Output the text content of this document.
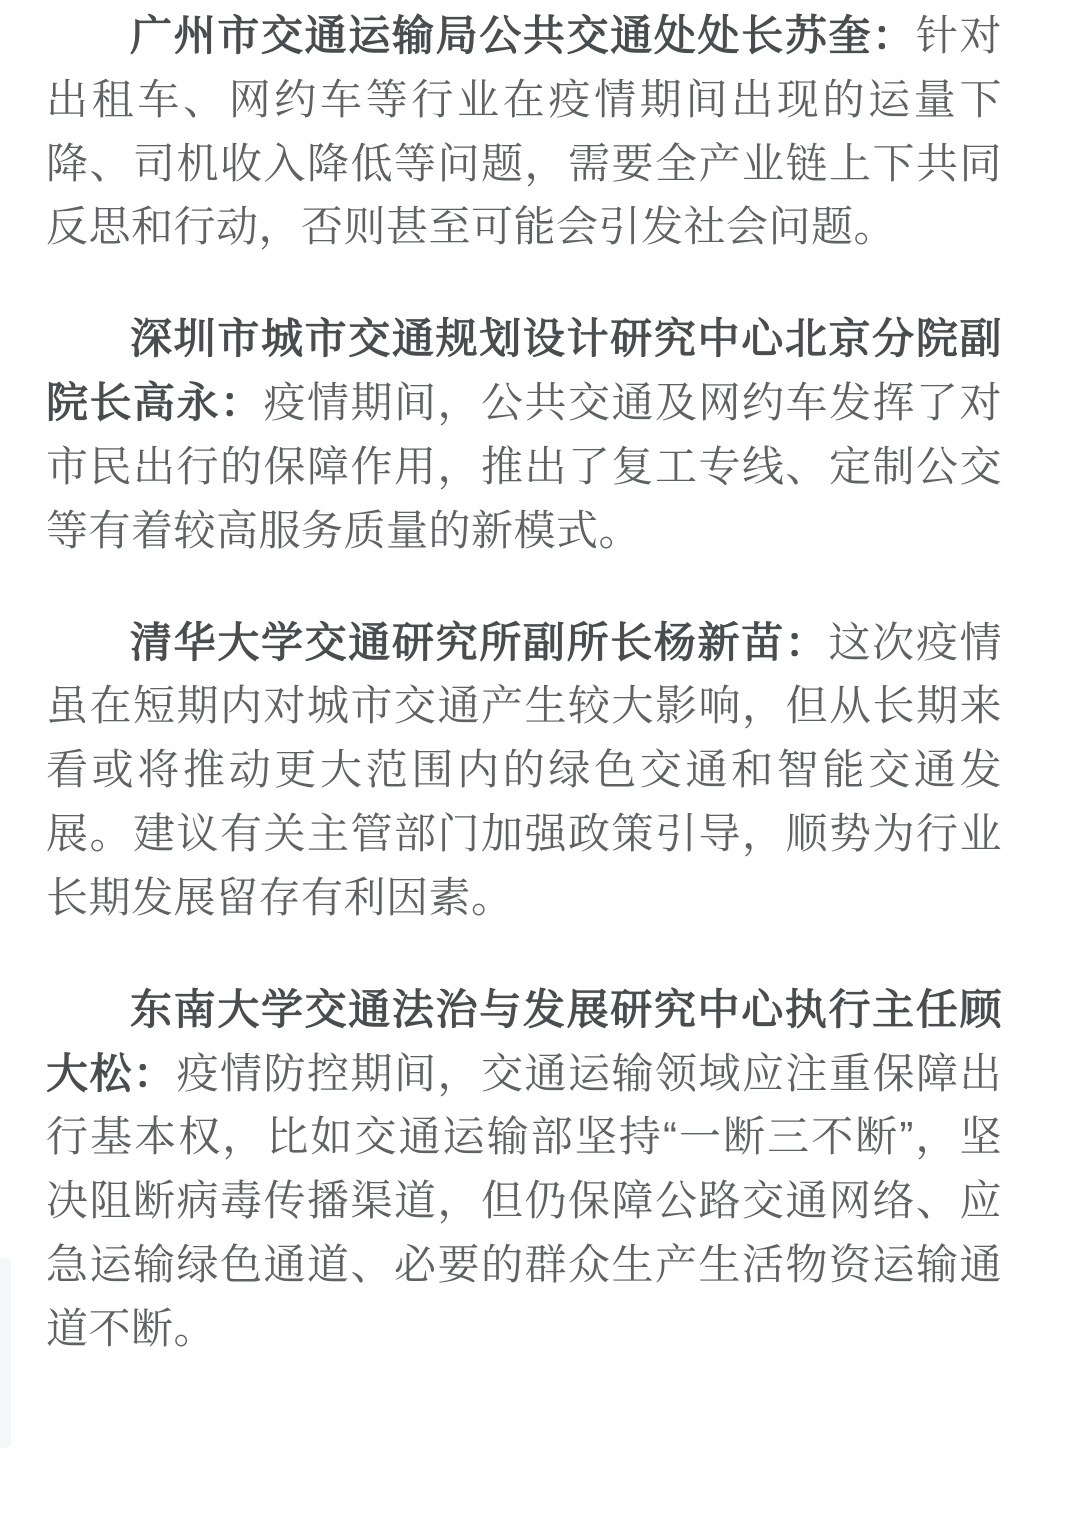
广州市交通运输局公共交通处处长苏奎：针对出租车、网约车等行业在疫情期间出现的运量下降、司机收入降低等问题，需要全产业链上下共同反思和行动，否则甚至可能会引发社会问题。

深圳市城市交通规划设计研究中心北京分院副院长高永：疫情期间，公共交通及网约车发挥了对市民出行的保障作用，推出了复工专线、定制公交等有着较高服务质量的新模式。

清华大学交通研究所副所长杨新苗：这次疫情虽在短期内对城市交通产生较大影响，但从长期来看或将推动更大范围内的绿色交通和智能交通发展。建议有关主管部门加强政策引导，顺势为行业长期发展留存有利因素。

东南大学交通法治与发展研究中心执行主任顾大松：疫情防控期间，交通运输领域应注重保障出行基本权，比如交通运输部坚持“一断三不断”，坚决阻断病毒传播渠道，但仍保障公路交通网络、应急运输绿色通道、必要的群众生产生活物资运输通道不断。
